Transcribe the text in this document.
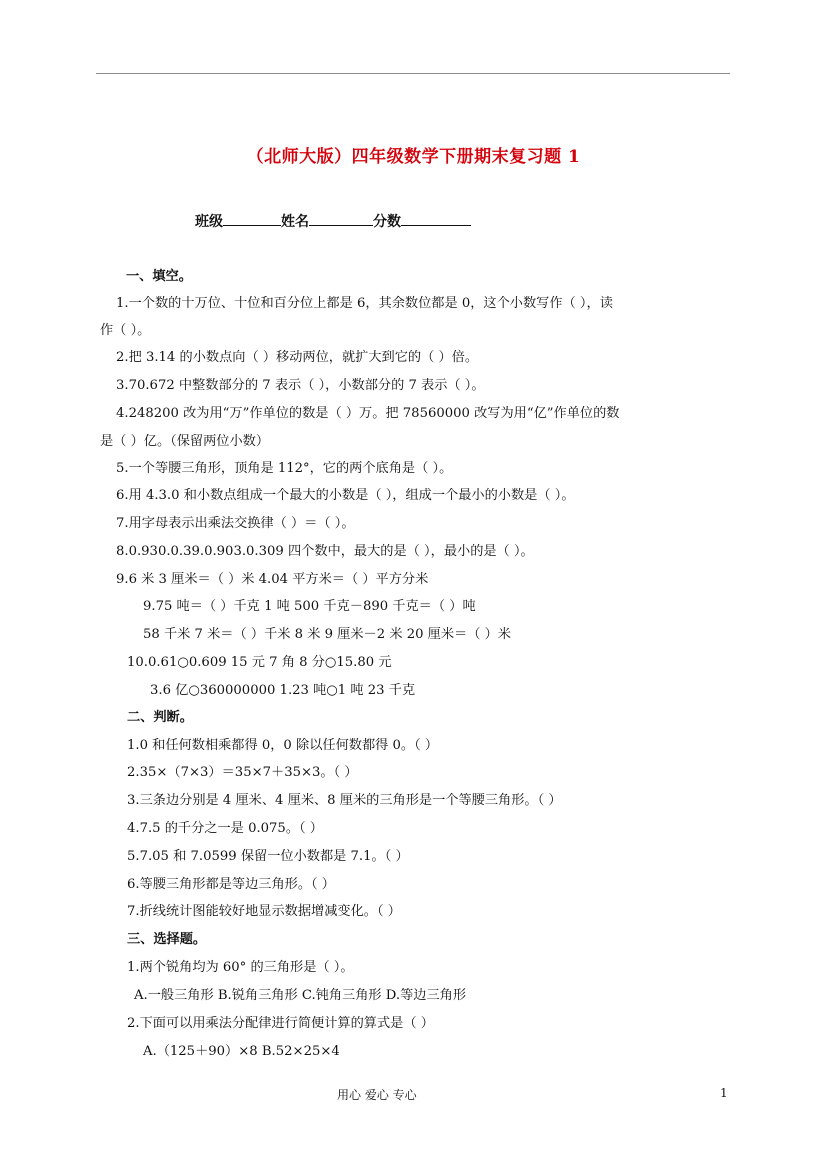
（北师大版）四年级数学下册期末复习题 1
班级	姓名	分数
一、填空。
1.一个数的十万位、十位和百分位上都是 6，其余数位都是 0，这个小数写作（ ），读
作（ ）。
2.把 3.14 的小数点向（ ）移动两位，就扩大到它的（ ）倍。
3.70.672 中整数部分的 7 表示（ ），小数部分的 7 表示（ ）。
4.248200 改为用“万”作单位的数是（ ）万。把 78560000 改写为用“亿”作单位的数
是（ ）亿。（保留两位小数）
5.一个等腰三角形，顶角是 112°，它的两个底角是（ ）。
6.用 4.3.0 和小数点组成一个最大的小数是（ ），组成一个最小的小数是（ ）。
7.用字母表示出乘法交换律（ ）＝（ ）。
8.0.930.0.39.0.903.0.309 四个数中，最大的是（ ），最小的是（ ）。
9.6 米 3 厘米＝（ ）米 4.04 平方米＝（ ）平方分米
9.75 吨＝（ ）千克 1 吨 500 千克－890 千克＝（ ）吨
58 千米 7 米＝（ ）千米 8 米 9 厘米－2 米 20 厘米＝（ ）米
10.0.61○0.609 15 元 7 角 8 分○15.80 元
3.6 亿○360000000 1.23 吨○1 吨 23 千克
二、判断。
1.0 和任何数相乘都得 0，0 除以任何数都得 0。（ ）
2.35×（7×3）＝35×7＋35×3。（ ）
3.三条边分别是 4 厘米、4 厘米、8 厘米的三角形是一个等腰三角形。（ ）
4.7.5 的千分之一是 0.075。（ ）
5.7.05 和 7.0599 保留一位小数都是 7.1。（ ）
6.等腰三角形都是等边三角形。（ ）
7.折线统计图能较好地显示数据增减变化。（ ）
三、选择题。
1.两个锐角均为 60° 的三角形是（ ）。
A.一般三角形 B.锐角三角形 C.钝角三角形 D.等边三角形
2.下面可以用乘法分配律进行简便计算的算式是（ ）
A.（125＋90）×8 B.52×25×4
用心 爱心 专心	1
